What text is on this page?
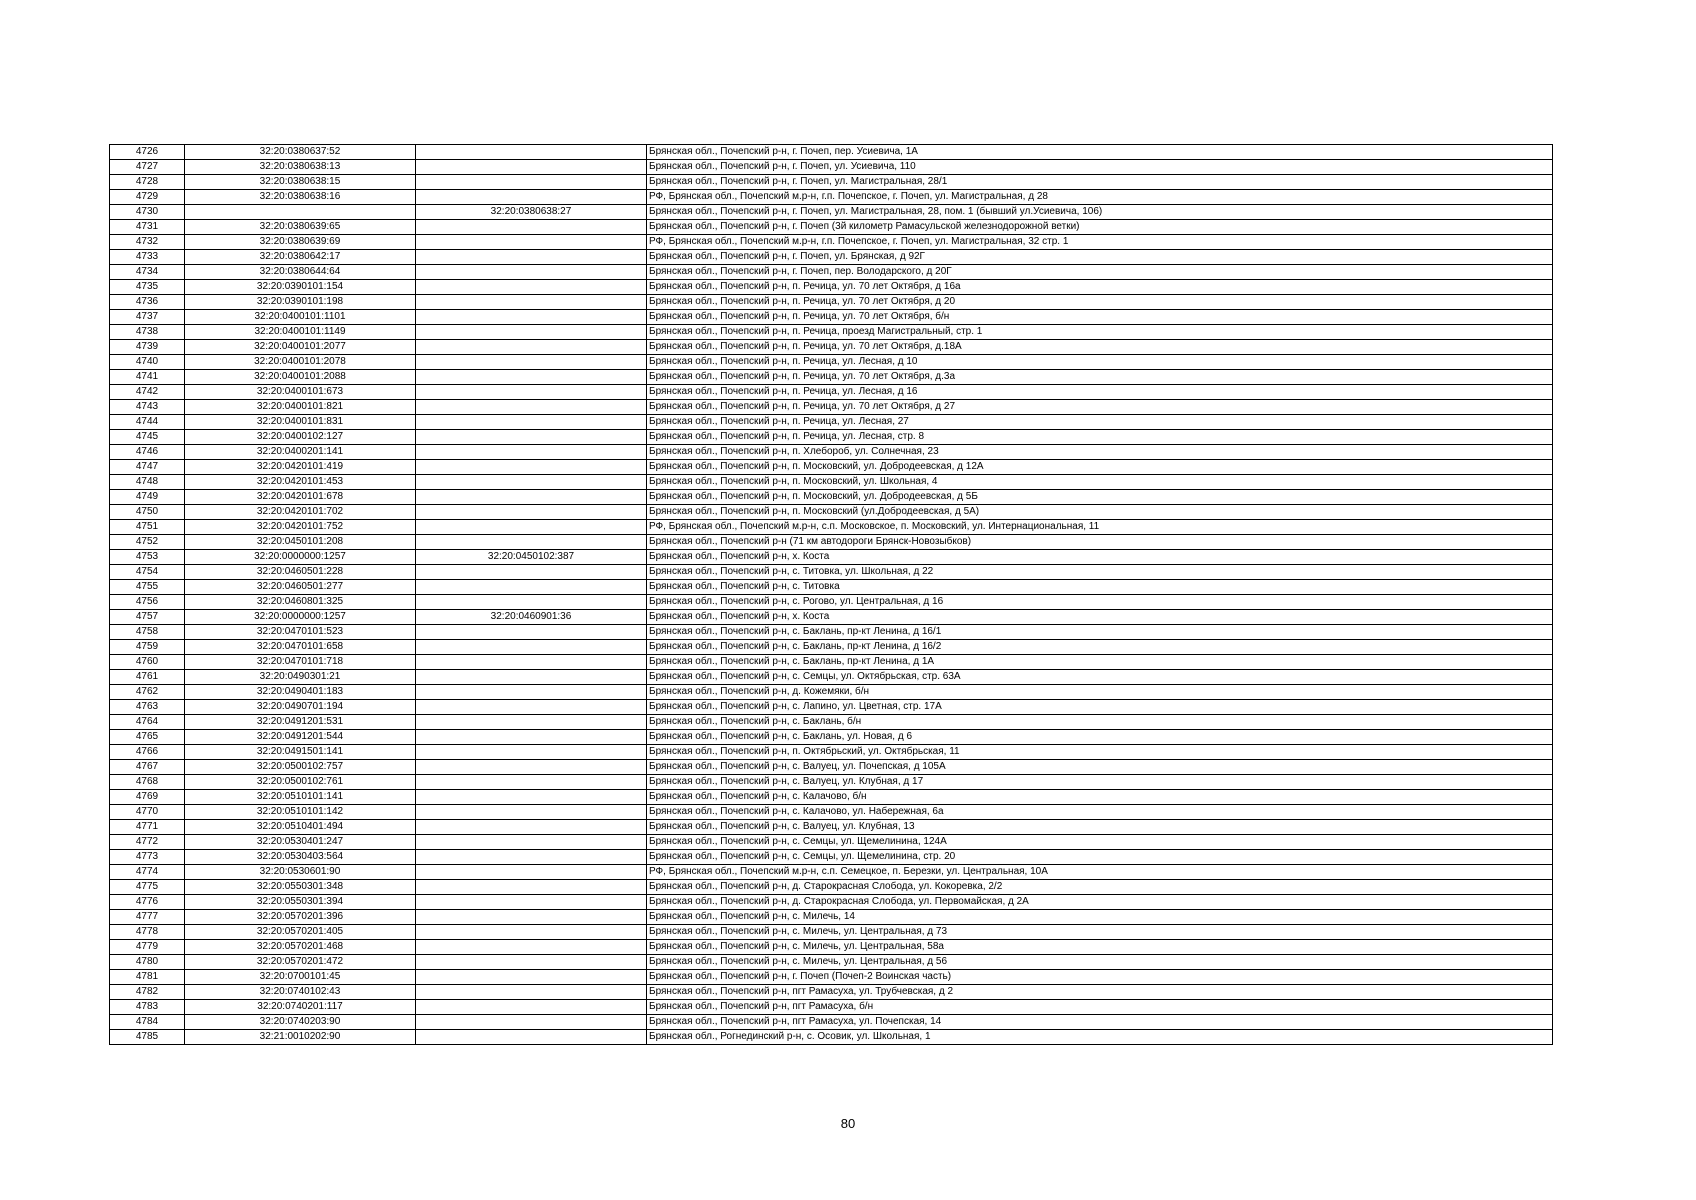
4726	32:20:0380637:52		Брянская обл., Почепский р-н, г. Почеп, пер. Усиевича, 1А
4727	32:20:0380638:13		Брянская обл., Почепский р-н, г. Почеп, ул. Усиевича, 110
4728	32:20:0380638:15		Брянская обл., Почепский р-н, г. Почеп, ул. Магистральная, 28/1
4729	32:20:0380638:16		РФ, Брянская обл., Почепский м.р-н, г.п. Почепское, г. Почеп, ул. Магистральная, д 28
4730		32:20:0380638:27	Брянская обл., Почепский р-н, г. Почеп, ул. Магистральная, 28, пом. 1 (бывший ул.Усиевича, 106)
4731	32:20:0380639:65		Брянская обл., Почепский р-н, г. Почеп (3й километр Рамасульской железнодорожной ветки)
4732	32:20:0380639:69		РФ, Брянская обл., Почепский м.р-н, г.п. Почепское, г. Почеп, ул. Магистральная, 32 стр. 1
4733	32:20:0380642:17		Брянская обл., Почепский р-н, г. Почеп, ул. Брянская, д 92Г
4734	32:20:0380644:64		Брянская обл., Почепский р-н, г. Почеп, пер. Володарского, д 20Г
4735	32:20:0390101:154		Брянская обл., Почепский р-н, п. Речица, ул. 70 лет Октября, д 16а
4736	32:20:0390101:198		Брянская обл., Почепский р-н, п. Речица, ул. 70 лет Октября, д 20
4737	32:20:0400101:1101		Брянская обл., Почепский р-н, п. Речица, ул. 70 лет Октября, б/н
4738	32:20:0400101:1149		Брянская обл., Почепский р-н, п. Речица, проезд Магистральный, стр. 1
4739	32:20:0400101:2077		Брянская обл., Почепский р-н, п. Речица, ул. 70 лет Октября, д.18А
4740	32:20:0400101:2078		Брянская обл., Почепский р-н, п. Речица, ул. Лесная, д 10
4741	32:20:0400101:2088		Брянская обл., Почепский р-н, п. Речица, ул. 70 лет Октября, д.3а
4742	32:20:0400101:673		Брянская обл., Почепский р-н, п. Речица, ул. Лесная, д 16
4743	32:20:0400101:821		Брянская обл., Почепский р-н, п. Речица, ул. 70 лет Октября, д 27
4744	32:20:0400101:831		Брянская обл., Почепский р-н, п. Речица, ул. Лесная, 27
4745	32:20:0400102:127		Брянская обл., Почепский р-н, п. Речица, ул. Лесная, стр. 8
4746	32:20:0400201:141		Брянская обл., Почепский р-н, п. Хлебороб, ул. Солнечная, 23
4747	32:20:0420101:419		Брянская обл., Почепский р-н, п. Московский, ул. Добродеевская, д 12А
4748	32:20:0420101:453		Брянская обл., Почепский р-н, п. Московский, ул. Школьная, 4
4749	32:20:0420101:678		Брянская обл., Почепский р-н, п. Московский, ул. Добродеевская, д 5Б
4750	32:20:0420101:702		Брянская обл., Почепский р-н, п. Московский (ул.Добродеевская, д 5А)
4751	32:20:0420101:752		РФ, Брянская обл., Почепский м.р-н, с.п. Московское, п. Московский, ул. Интернациональная, 11
4752	32:20:0450101:208		Брянская обл., Почепский р-н (71 км автодороги Брянск-Новозыбков)
4753	32:20:0000000:1257	32:20:0450102:387	Брянская обл., Почепский р-н, х. Коста
4754	32:20:0460501:228		Брянская обл., Почепский р-н, с. Титовка, ул. Школьная, д 22
4755	32:20:0460501:277		Брянская обл., Почепский р-н, с. Титовка
4756	32:20:0460801:325		Брянская обл., Почепский р-н, с. Рогово, ул. Центральная, д 16
4757	32:20:0000000:1257	32:20:0460901:36	Брянская обл., Почепский р-н, х. Коста
4758	32:20:0470101:523		Брянская обл., Почепский р-н, с. Баклань, пр-кт Ленина, д 16/1
4759	32:20:0470101:658		Брянская обл., Почепский р-н, с. Баклань, пр-кт Ленина, д 16/2
4760	32:20:0470101:718		Брянская обл., Почепский р-н, с. Баклань, пр-кт Ленина, д 1А
4761	32:20:0490301:21		Брянская обл., Почепский р-н, с. Семцы, ул. Октябрьская, стр. 63А
4762	32:20:0490401:183		Брянская обл., Почепский р-н, д. Кожемяки, б/н
4763	32:20:0490701:194		Брянская обл., Почепский р-н, с. Лапино, ул. Цветная, стр. 17А
4764	32:20:0491201:531		Брянская обл., Почепский р-н, с. Баклань, б/н
4765	32:20:0491201:544		Брянская обл., Почепский р-н, с. Баклань, ул. Новая, д 6
4766	32:20:0491501:141		Брянская обл., Почепский р-н, п. Октябрьский, ул. Октябрьская, 11
4767	32:20:0500102:757		Брянская обл., Почепский р-н, с. Валуец, ул. Почепская, д 105А
4768	32:20:0500102:761		Брянская обл., Почепский р-н, с. Валуец, ул. Клубная, д 17
4769	32:20:0510101:141		Брянская обл., Почепский р-н, с. Калачово, б/н
4770	32:20:0510101:142		Брянская обл., Почепский р-н, с. Калачово, ул. Набережная, 6а
4771	32:20:0510401:494		Брянская обл., Почепский р-н, с. Валуец, ул. Клубная, 13
4772	32:20:0530401:247		Брянская обл., Почепский р-н, с. Семцы, ул. Щемелинина, 124А
4773	32:20:0530403:564		Брянская обл., Почепский р-н, с. Семцы, ул. Щемелинина, стр. 20
4774	32:20:0530601:90		РФ, Брянская обл., Почепский м.р-н, с.п. Семецкое, п. Березки, ул. Центральная, 10А
4775	32:20:0550301:348		Брянская обл., Почепский р-н, д. Старокрасная Слобода, ул. Кокоревка, 2/2
4776	32:20:0550301:394		Брянская обл., Почепский р-н, д. Старокрасная Слобода, ул. Первомайская, д 2А
4777	32:20:0570201:396		Брянская обл., Почепский р-н, с. Милечь, 14
4778	32:20:0570201:405		Брянская обл., Почепский р-н, с. Милечь, ул. Центральная, д 73
4779	32:20:0570201:468		Брянская обл., Почепский р-н, с. Милечь, ул. Центральная, 58а
4780	32:20:0570201:472		Брянская обл., Почепский р-н, с. Милечь, ул. Центральная, д 56
4781	32:20:0700101:45		Брянская обл., Почепский р-н, г. Почеп (Почеп-2 Воинская часть)
4782	32:20:0740102:43		Брянская обл., Почепский р-н, пгт Рамасуха, ул. Трубчевская, д 2
4783	32:20:0740201:117		Брянская обл., Почепский р-н, пгт Рамасуха, б/н
4784	32:20:0740203:90		Брянская обл., Почепский р-н, пгт Рамасуха, ул. Почепская, 14
4785	32:21:0010202:90		Брянская обл., Рогнединский р-н, с. Осовик, ул. Школьная, 1
80
